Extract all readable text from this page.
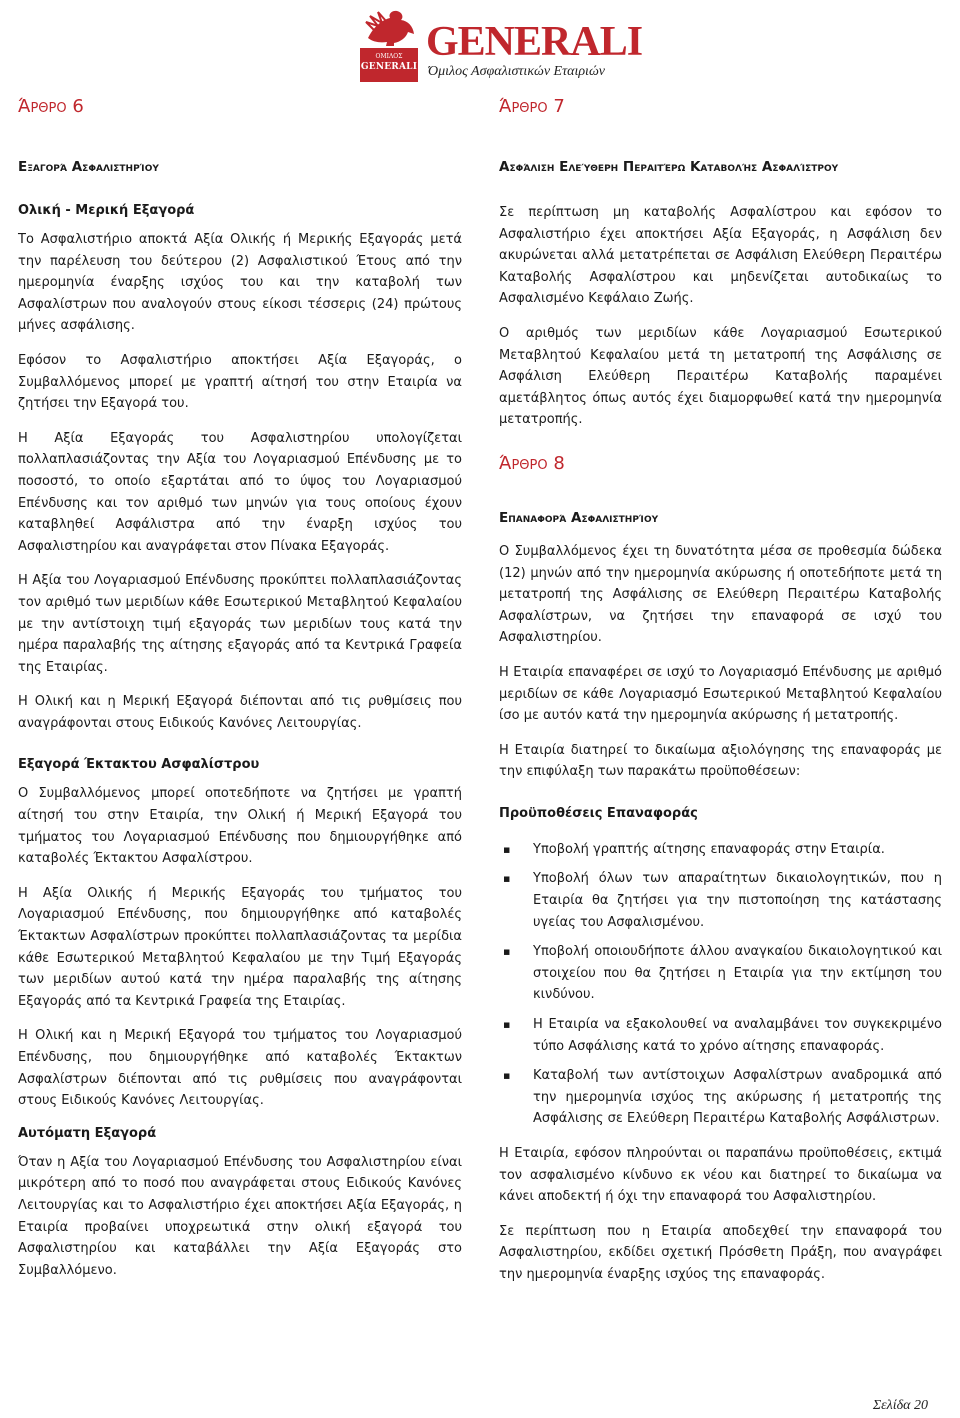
ΟΜΙΛΟΣ
GENERALI
GENERALI
Όμιλος Ασφαλιστικών Εταιριών
Άρθρο 6
Εξαγορά Ασφαλιστηρίου
Ολική - Μερική Εξαγορά

Το Ασφαλιστήριο αποκτά Αξία Ολικής ή Μερικής Εξαγοράς μετά την παρέλευση του δεύτερου (2) Ασφαλιστικού Έτους από την ημερομηνία έναρξης ισχύος του και την καταβολή των Ασφαλίστρων που αναλογούν στους είκοσι τέσσερις (24) πρώτους μήνες ασφάλισης.

Εφόσον το Ασφαλιστήριο αποκτήσει Αξία Εξαγοράς, ο Συμβαλλόμενος μπορεί με γραπτή αίτησή του στην Εταιρία να ζητήσει την Εξαγορά του.

Η Αξία Εξαγοράς του Ασφαλιστηρίου υπολογίζεται πολλαπλασιάζοντας την Αξία του Λογαριασμού Επένδυσης με το ποσοστό, το οποίο εξαρτάται από το ύψος του Λογαριασμού Επένδυσης και τον αριθμό των μηνών για τους οποίους έχουν καταβληθεί Ασφάλιστρα από την έναρξη ισχύος του Ασφαλιστηρίου και αναγράφεται στον Πίνακα Εξαγοράς.

Η Αξία του Λογαριασμού Επένδυσης προκύπτει πολλαπλασιάζοντας τον αριθμό των μεριδίων κάθε Εσωτερικού Μεταβλητού Κεφαλαίου με την αντίστοιχη τιμή εξαγοράς των μεριδίων τους κατά την ημέρα παραλαβής της αίτησης εξαγοράς από τα Κεντρικά Γραφεία της Εταιρίας.

Η Ολική και η Μερική Εξαγορά διέπονται από τις ρυθμίσεις που αναγράφονται στους Ειδικούς Κανόνες Λειτουργίας.

Εξαγορά Έκτακτου Ασφαλίστρου

Ο Συμβαλλόμενος μπορεί οποτεδήποτε να ζητήσει με γραπτή αίτησή του στην Εταιρία, την Ολική ή Μερική Εξαγορά του τμήματος του Λογαριασμού Επένδυσης που δημιουργήθηκε από καταβολές Έκτακτου Ασφαλίστρου.

Η Αξία Ολικής ή Μερικής Εξαγοράς του τμήματος του Λογαριασμού Επένδυσης, που δημιουργήθηκε από καταβολές Έκτακτων Ασφαλίστρων προκύπτει πολλαπλασιάζοντας τα μερίδια κάθε Εσωτερικού Μεταβλητού Κεφαλαίου με την Τιμή Εξαγοράς των μεριδίων αυτού κατά την ημέρα παραλαβής της αίτησης Εξαγοράς από τα Κεντρικά Γραφεία της Εταιρίας.

Η Ολική και η Μερική Εξαγορά του τμήματος του Λογαριασμού Επένδυσης, που δημιουργήθηκε από καταβολές Έκτακτων Ασφαλίστρων διέπονται από τις ρυθμίσεις που αναγράφονται στους Ειδικούς Κανόνες Λειτουργίας.

Αυτόματη Εξαγορά

Όταν η Αξία του Λογαριασμού Επένδυσης του Ασφαλιστηρίου είναι μικρότερη από το ποσό που αναγράφεται στους Ειδικούς Κανόνες Λειτουργίας και το Ασφαλιστήριο έχει αποκτήσει Αξία Εξαγοράς, η Εταιρία προβαίνει υποχρεωτικά στην ολική εξαγορά του Ασφαλιστηρίου και καταβάλλει την Αξία Εξαγοράς στο Συμβαλλόμενο.

Άρθρο 7
Ασφάλιση Ελεύθερη Περαιτέρω Καταβολής Ασφαλίστρου

Σε περίπτωση μη καταβολής Ασφαλίστρου και εφόσον το Ασφαλιστήριο έχει αποκτήσει Αξία Εξαγοράς, η Ασφάλιση δεν ακυρώνεται αλλά μετατρέπεται σε Ασφάλιση Ελεύθερη Περαιτέρω Καταβολής Ασφαλίστρου και μηδενίζεται αυτοδικαίως το Ασφαλισμένο Κεφάλαιο Ζωής.

Ο αριθμός των μεριδίων κάθε Λογαριασμού Εσωτερικού Μεταβλητού Κεφαλαίου μετά τη μετατροπή της Ασφάλισης σε Ασφάλιση Ελεύθερη Περαιτέρω Καταβολής παραμένει αμετάβλητος όπως αυτός έχει διαμορφωθεί κατά την ημερομηνία μετατροπής.

Άρθρο 8
Επαναφορά Ασφαλιστηρίου

Ο Συμβαλλόμενος έχει τη δυνατότητα μέσα σε προθεσμία δώδεκα (12) μηνών από την ημερομηνία ακύρωσης ή οποτεδήποτε μετά τη μετατροπή της Ασφάλισης σε Ελεύθερη Περαιτέρω Καταβολής Ασφαλίστρων, να ζητήσει την επαναφορά σε ισχύ του Ασφαλιστηρίου.

Η Εταιρία επαναφέρει σε ισχύ το Λογαριασμό Επένδυσης με αριθμό μεριδίων σε κάθε Λογαριασμό Εσωτερικού Μεταβλητού Κεφαλαίου ίσο με αυτόν κατά την ημερομηνία ακύρωσης ή μετατροπής.

Η Εταιρία διατηρεί το δικαίωμα αξιολόγησης της επαναφοράς με την επιφύλαξη των παρακάτω προϋποθέσεων:

Προϋποθέσεις Επαναφοράς
▪ Υποβολή γραπτής αίτησης επαναφοράς στην Εταιρία.
▪ Υποβολή όλων των απαραίτητων δικαιολογητικών, που η Εταιρία θα ζητήσει για την πιστοποίηση της κατάστασης υγείας του Ασφαλισμένου.
▪ Υποβολή οποιουδήποτε άλλου αναγκαίου δικαιολογητικού και στοιχείου που θα ζητήσει η Εταιρία για την εκτίμηση του κινδύνου.
▪ Η Εταιρία να εξακολουθεί να αναλαμβάνει τον συγκεκριμένο τύπο Ασφάλισης κατά το χρόνο αίτησης επαναφοράς.
▪ Καταβολή των αντίστοιχων Ασφαλίστρων αναδρομικά από την ημερομηνία ισχύος της ακύρωσης ή μετατροπής της Ασφάλισης σε Ελεύθερη Περαιτέρω Καταβολής Ασφάλιστρων.

Η Εταιρία, εφόσον πληρούνται οι παραπάνω προϋποθέσεις, εκτιμά τον ασφαλισμένο κίνδυνο εκ νέου και διατηρεί το δικαίωμα να κάνει αποδεκτή ή όχι την επαναφορά του Ασφαλιστηρίου.

Σε περίπτωση που η Εταιρία αποδεχθεί την επαναφορά του Ασφαλιστηρίου, εκδίδει σχετική Πρόσθετη Πράξη, που αναγράφει την ημερομηνία έναρξης ισχύος της επαναφοράς.

Σελίδα 20
